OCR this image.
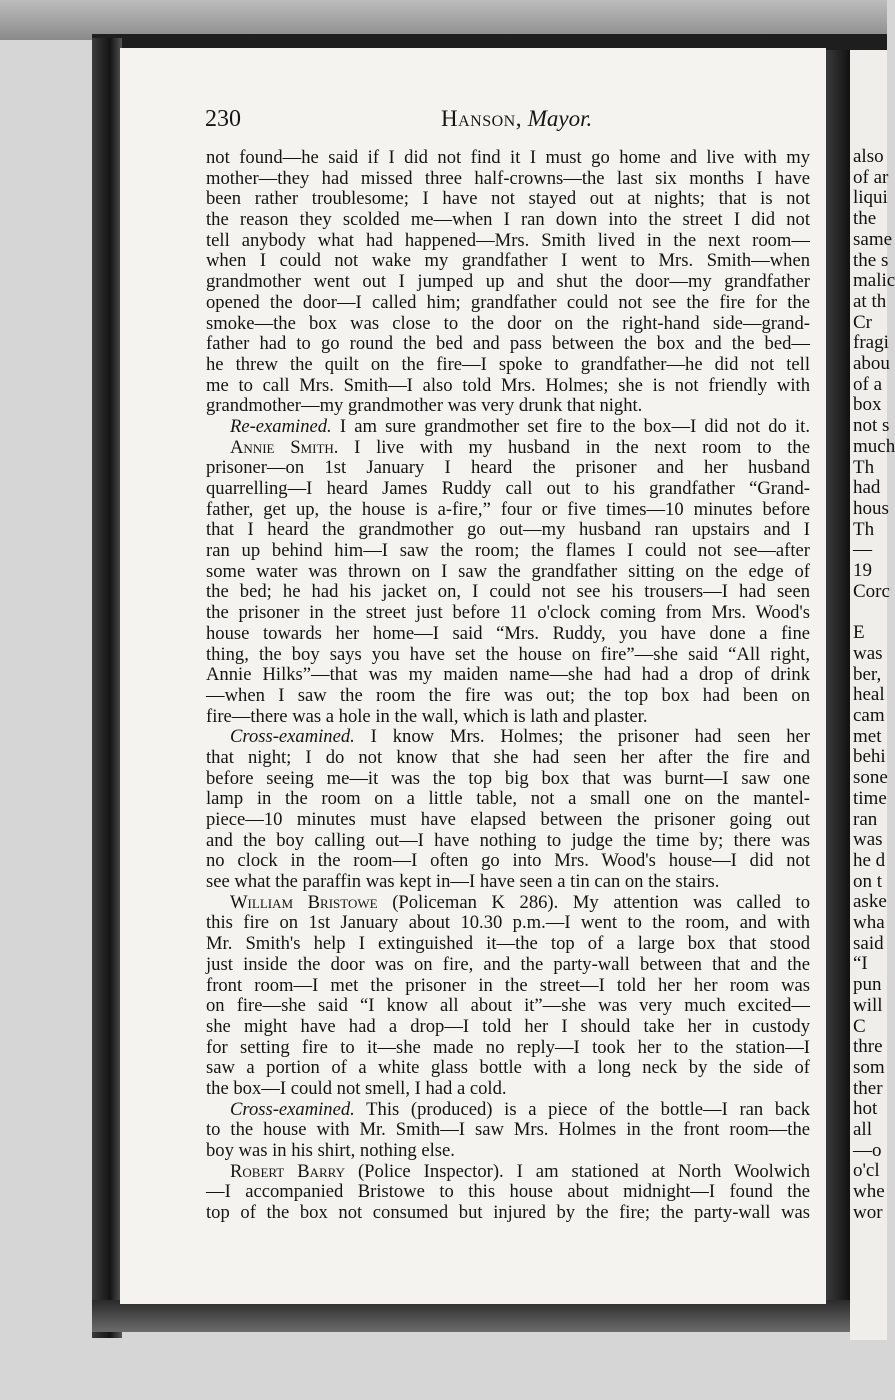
also
of ar
liqui
the
same
the s
malic
at th
Cr
fragi
abou
of a
box
not s
much
Th
had
hous
Th
—
19
Corc

E
was
ber,
heal
cam
met
behi
sone
time
ran
was
he d
on t
aske
wha
said
“I
pun
will
C
thre
som
ther
hot
all
—o
o'cl
whe
wor
230	Hanson, Mayor.
not found—he said if I did not find it I must go home and live with my
mother—they had missed three half-crowns—the last six months I have
been rather troublesome; I have not stayed out at nights; that is not
the reason they scolded me—when I ran down into the street I did not
tell anybody what had happened—Mrs. Smith lived in the next room—
when I could not wake my grandfather I went to Mrs. Smith—when
grandmother went out I jumped up and shut the door—my grandfather
opened the door—I called him; grandfather could not see the fire for the
smoke—the box was close to the door on the right-hand side—grand-
father had to go round the bed and pass between the box and the bed—
he threw the quilt on the fire—I spoke to grandfather—he did not tell
me to call Mrs. Smith—I also told Mrs. Holmes; she is not friendly with
grandmother—my grandmother was very drunk that night.
Re-examined. I am sure grandmother set fire to the box—I did not do it.
Annie Smith. I live with my husband in the next room to the
prisoner—on 1st January I heard the prisoner and her husband
quarrelling—I heard James Ruddy call out to his grandfather “Grand-
father, get up, the house is a-fire,” four or five times—10 minutes before
that I heard the grandmother go out—my husband ran upstairs and I
ran up behind him—I saw the room; the flames I could not see—after
some water was thrown on I saw the grandfather sitting on the edge of
the bed; he had his jacket on, I could not see his trousers—I had seen
the prisoner in the street just before 11 o'clock coming from Mrs. Wood's
house towards her home—I said “Mrs. Ruddy, you have done a fine
thing, the boy says you have set the house on fire”—she said “All right,
Annie Hilks”—that was my maiden name—she had had a drop of drink
—when I saw the room the fire was out; the top box had been on
fire—there was a hole in the wall, which is lath and plaster.
Cross-examined. I know Mrs. Holmes; the prisoner had seen her
that night; I do not know that she had seen her after the fire and
before seeing me—it was the top big box that was burnt—I saw one
lamp in the room on a little table, not a small one on the mantel-
piece—10 minutes must have elapsed between the prisoner going out
and the boy calling out—I have nothing to judge the time by; there was
no clock in the room—I often go into Mrs. Wood's house—I did not
see what the paraffin was kept in—I have seen a tin can on the stairs.
William Bristowe (Policeman K 286). My attention was called to
this fire on 1st January about 10.30 p.m.—I went to the room, and with
Mr. Smith's help I extinguished it—the top of a large box that stood
just inside the door was on fire, and the party-wall between that and the
front room—I met the prisoner in the street—I told her her room was
on fire—she said “I know all about it”—she was very much excited—
she might have had a drop—I told her I should take her in custody
for setting fire to it—she made no reply—I took her to the station—I
saw a portion of a white glass bottle with a long neck by the side of
the box—I could not smell, I had a cold.
Cross-examined. This (produced) is a piece of the bottle—I ran back
to the house with Mr. Smith—I saw Mrs. Holmes in the front room—the
boy was in his shirt, nothing else.
Robert Barry (Police Inspector). I am stationed at North Woolwich
—I accompanied Bristowe to this house about midnight—I found the
top of the box not consumed but injured by the fire; the party-wall was
